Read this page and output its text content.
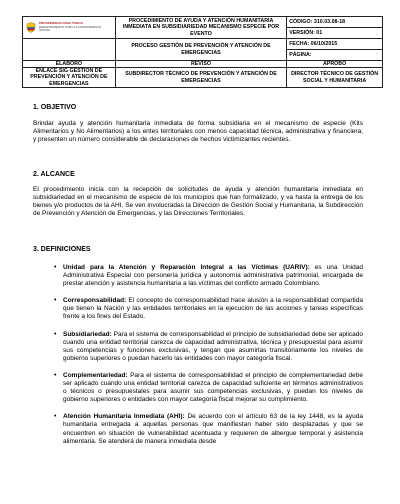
PROSPERIDAD PARA TODOS
DEPARTAMENTO PARA LA PROSPERIDAD SOCIAL	PROCEDIMIENTO DE AYUDA Y ATENCIÓN HUMANITARIA INMEDIATA EN SUBSIDIARIEDAD MECANISMO ESPECIE POR EVENTO	CÓDIGO: 310.03.08-18
		VERSIÓN: 01
	PROCESO GESTIÓN DE PREVENCIÓN Y ATENCIÓN DE EMERGENCIAS	FECHA: 06/10/2015
		PÁGINA:
ELABORÓ	REVISÓ	APROBÓ
ENLACE SIG GESTIÓN DE PREVENCIÓN Y ATENCIÓN DE EMERGENCIAS	SUBDIRECTOR TÉCNICO DE PREVENCIÓN Y ATENCIÓN DE EMERGENCIAS	DIRECTOR TÉCNICO DE GESTIÓN SOCIAL Y HUMANITARIA

1. OBJETIVO

Brindar ayuda y atención humanitaria inmediata de forma subsidiaria en el mecanismo de especie (Kits Alimentarios y No Alimentarios) a los entes territoriales con menos capacidad técnica, administrativa y financiera; y presenten un número considerable de declaraciones de hechos victimizantes recientes.

2. ALCANCE

El procedimiento inicia con la recepción de solicitudes de ayuda y atención humanitaria inmediata en subsidiariedad en el mecanismo de especie de los municipios que han formalizado, y va hasta la entrega de los bienes y/o productos de la AHI. Se ven involucradas la Dirección de Gestión Social y Humanitaria, la Subdirección de Prevención y Atención de Emergencias, y las Direcciones Territoriales.

3. DEFINICIONES

• Unidad para la Atención y Reparación Integral a las Víctimas (UARIV): es una Unidad Administrativa Especial con personería jurídica y autonomía administrativa patrimonial, encargada de prestar atención y asistencia humanitaria a las víctimas del conflicto armado Colombiano.

• Corresponsabilidad: El concepto de corresponsabilidad hace alusión a la responsabilidad compartida que tienen la Nación y las entidades territoriales en la ejecución de las acciones y tareas específicas frente a los fines del Estado.

• Subsidiariedad: Para el sistema de corresponsabilidad el principio de subsidiariedad debe ser aplicado cuando una entidad territorial carezca de capacidad administrativa, técnica y presupuestal para asumir sus competencias y funciones exclusivas, y tengan que asumirlas transitoriamente los niveles de gobierno superiores o puedan hacerlo las entidades con mayor categoría fiscal.

• Complementariedad: Para el sistema de corresponsabilidad el principio de complementariedad debe ser aplicado cuando una entidad territorial carezca de capacidad suficiente en términos administrativos o técnicos o presupuestales para asumir sus competencias exclusivas, y puedan los niveles de gobierno superiores o entidades con mayor categoría fiscal mejorar su cumplimiento.

• Atención Humanitaria Inmediata (AHI): De acuerdo con el artículo 63 de la ley 1448, es la ayuda humanitaria entregada a aquellas personas que manifiestan haber sido desplazadas y que se encuentren en situación de vulnerabilidad acentuada y requieren de albergue temporal y asistencia alimentaria. Se atenderá de manera inmediata desde
